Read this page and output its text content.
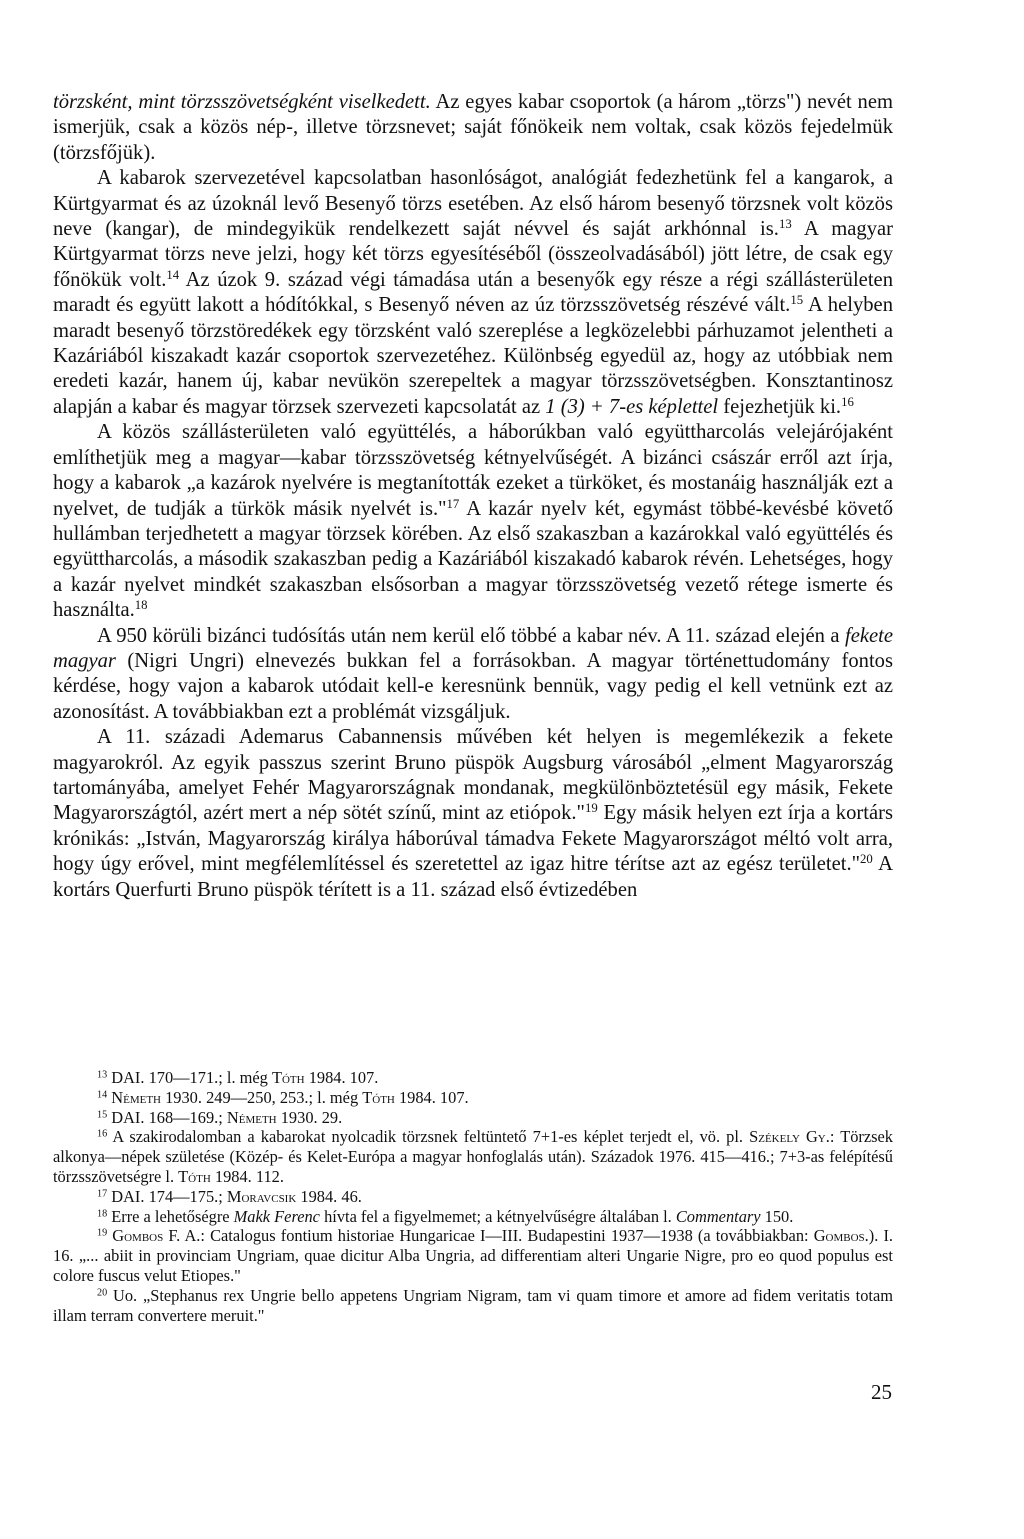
törzsként, mint törzsszövetségként viselkedett. Az egyes kabar csoportok (a három „törzs") nevét nem ismerjük, csak a közös nép-, illetve törzsnevet; saját főnökeik nem voltak, csak közös fejedelmük (törzsfőjük).

A kabarok szervezetével kapcsolatban hasonlóságot, analógiát fedezhetünk fel a kangarok, a Kürtgyarmat és az úzoknál levő Besenyő törzs esetében. Az első három besenyő törzsnek volt közös neve (kangar), de mindegyikük rendelkezett saját névvel és saját arkhónnal is.$^{13}$ A magyar Kürtgyarmat törzs neve jelzi, hogy két törzs egyesítéséből (összeolvadásából) jött létre, de csak egy főnökük volt.$^{14}$ Az úzok 9. század végi támadása után a besenyők egy része a régi szállásterületen maradt és együtt lakott a hódítókkal, s Besenyő néven az úz törzsszövetség részévé vált.$^{15}$ A helyben maradt besenyő törzstöredékek egy törzsként való szereplése a legközelebbi párhuzamot jelentheti a Kazáriából kiszakadt kazár csoportok szervezetéhez. Különbség egyedül az, hogy az utóbbiak nem eredeti kazár, hanem új, kabar nevükön szerepeltek a magyar törzsszövetségben. Konsztantinosz alapján a kabar és magyar törzsek szervezeti kapcsolatát az 1 (3) + 7-es képlettel fejezhetjük ki.$^{16}$

A közös szállásterületen való együttélés, a háborúkban való együttharcolás velejárójaként említhetjük meg a magyar—kabar törzsszövetség kétnyelvűségét. A bizánci császár erről azt írja, hogy a kabarok „a kazárok nyelvére is megtanították ezeket a türköket, és mostanáig használják ezt a nyelvet, de tudják a türkök másik nyelvét is."$^{17}$ A kazár nyelv két, egymást többé-kevésbé követő hullámban terjedhetett a magyar törzsek körében. Az első szakaszban a kazárokkal való együttélés és együttharcolás, a második szakaszban pedig a Kazáriából kiszakadó kabarok révén. Lehetséges, hogy a kazár nyelvet mindkét szakaszban elsősorban a magyar törzsszövetség vezető rétege ismerte és használta.$^{18}$

A 950 körüli bizánci tudósítás után nem kerül elő többé a kabar név. A 11. század elején a fekete magyar (Nigri Ungri) elnevezés bukkan fel a forrásokban. A magyar történettudomány fontos kérdése, hogy vajon a kabarok utódait kell-e keresnünk bennük, vagy pedig el kell vetnünk ezt az azonosítást. A továbbiakban ezt a problémát vizsgáljuk.

A 11. századi Ademarus Cabannensis művében két helyen is megemlékezik a fekete magyarokról. Az egyik passzus szerint Bruno püspök Augsburg városából „elment Magyarország tartományába, amelyet Fehér Magyarországnak mondanak, megkülönböztetésül egy másik, Fekete Magyarországtól, azért mert a nép sötét színű, mint az etiópok."$^{19}$ Egy másik helyen ezt írja a kortárs krónikás: „István, Magyarország királya háborúval támadva Fekete Magyarországot méltó volt arra, hogy úgy erővel, mint megfélemlítéssel és szeretettel az igaz hitre térítse azt az egész területet."$^{20}$ A kortárs Querfurti Bruno püspök térített is a 11. század első évtizedében

$^{13}$ DAI. 170—171.; l. még Tóth 1984. 107.

$^{14}$ Németh 1930. 249—250, 253.; l. még Tóth 1984. 107.

$^{15}$ DAI. 168—169.; Németh 1930. 29.

$^{16}$ A szakirodalomban a kabarokat nyolcadik törzsnek feltüntető 7+1-es képlet terjedt el, vö. pl. Székely Gy.: Törzsek alkonya—népek születése (Közép- és Kelet-Európa a magyar honfoglalás után). Századok 1976. 415—416.; 7+3-as felépítésű törzsszövetségre l. Tóth 1984. 112.

$^{17}$ DAI. 174—175.; Moravcsik 1984. 46.

$^{18}$ Erre a lehetőségre Makk Ferenc hívta fel a figyelmemet; a kétnyelvűségre általában l. Commentary 150.

$^{19}$ Gombos F. A.: Catalogus fontium historiae Hungaricae I—III. Budapestini 1937—1938 (a továbbiakban: Gombos.). I. 16. „... abiit in provinciam Ungriam, quae dicitur Alba Ungria, ad differentiam alteri Ungarie Nigre, pro eo quod populus est colore fuscus velut Etiopes."

$^{20}$ Uo. „Stephanus rex Ungrie bello appetens Ungriam Nigram, tam vi quam timore et amore ad fidem veritatis totam illam terram convertere meruit."

25
